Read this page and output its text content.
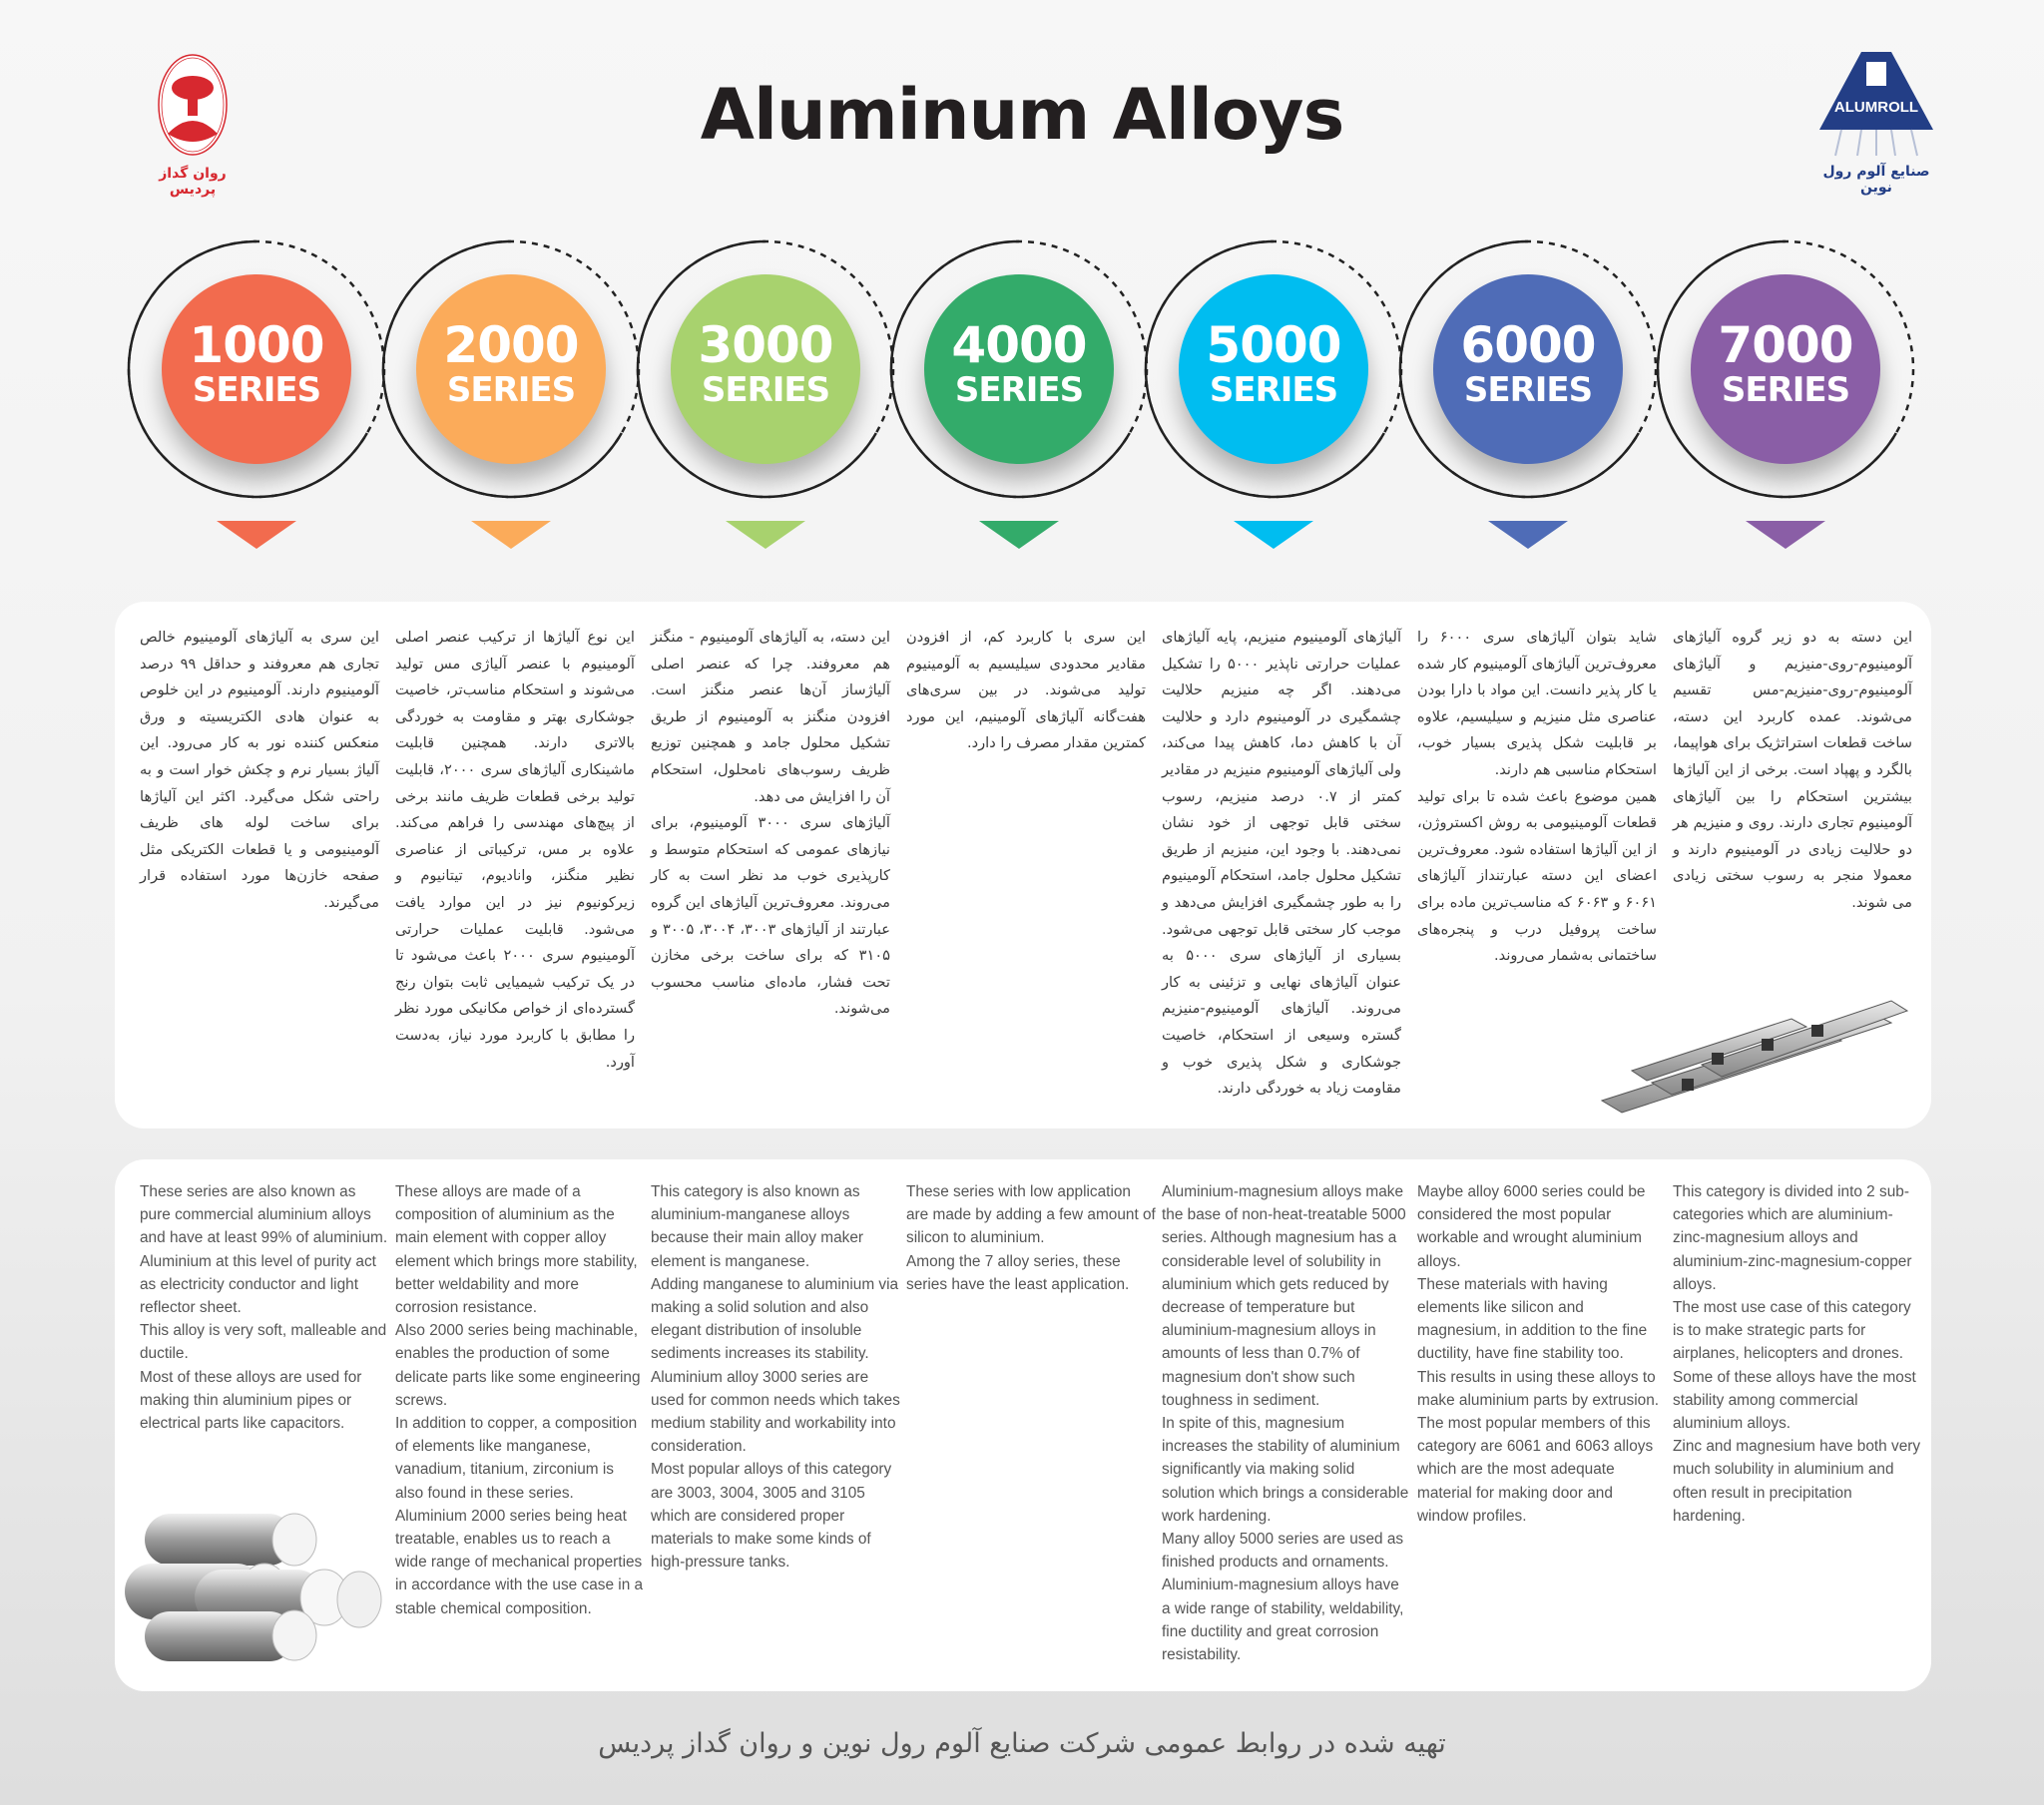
روان گداز پردیس
ALUMROLL
صنایع آلوم رول نوین
Aluminum Alloys
1000
SERIES
2000
SERIES
3000
SERIES
4000
SERIES
5000
SERIES
6000
SERIES
7000
SERIES

این سری به آلیاژهای آلومینیوم خالص تجاری هم معروفند و حداقل ۹۹ درصد آلومینیوم دارند. آلومینیوم در این خلوص به عنوان هادی الکتریسیته و ورق منعکس کننده نور به کار می‌رود. این آلیاژ بسیار نرم و چکش خوار است و به راحتی شکل می‌گیرد. اکثر این آلیاژها برای ساخت لوله های ظریف آلومینیومی و یا قطعات الکتریکی مثل صفحه خازن‌ها مورد استفاده قرار می‌گیرند.

این نوع آلیاژها از ترکیب عنصر اصلی آلومینیوم با عنصر آلیاژی مس تولید می‌شوند و استحکام مناسب‌تر، خاصیت جوشکاری بهتر و مقاومت به خوردگی بالاتری دارند. همچنین قابلیت ماشینکاری آلیاژهای سری ۲۰۰۰، قابلیت تولید برخی قطعات ظریف مانند برخی از پیچ‌های مهندسی را فراهم می‌کند. علاوه بر مس، ترکیباتی از عناصری نظیر منگنز، وانادیوم، تیتانیوم و زیرکونیوم نیز در این موارد یافت می‌شود. قابلیت عملیات حرارتی آلومینیوم سری ۲۰۰۰ باعث می‌شود تا در یک ترکیب شیمیایی ثابت بتوان رنج گسترده‌ای از خواص مکانیکی مورد نظر را مطابق با کاربرد مورد نیاز، به‌دست آورد.

این دسته، به آلیاژهای آلومینیوم - منگنز هم معروفند. چرا که عنصر اصلی آلیاژساز آن‌ها عنصر منگنز است. افزودن منگنز به آلومینیوم از طریق تشکیل محلول جامد و همچنین توزیع ظریف رسوب‌های نامحلول، استحکام آن را افزایش می دهد.

آلیاژهای سری ۳۰۰۰ آلومینیوم، برای نیازهای عمومی که استحکام متوسط و کارپذیری خوب مد نظر است به کار می‌روند. معروف‌ترین آلیاژهای این گروه عبارتند از آلیاژهای ۳۰۰۳، ۳۰۰۴، ۳۰۰۵ و ۳۱۰۵ که برای ساخت برخی مخازن تحت فشار، ماده‌ای مناسب محسوب می‌شوند.

این سری با کاربرد کم، از افزودن مقادیر محدودی سیلیسیم به آلومینیوم تولید می‌شوند. در بین سری‌های هفت‌گانه آلیاژهای آلومینیم، این مورد کمترین مقدار مصرف را دارد.

آلیاژهای آلومینیوم منیزیم، پایه آلیاژهای عملیات حرارتی ناپذیر ۵۰۰۰ را تشکیل می‌دهند. اگر چه منیزیم حلالیت چشمگیری در آلومینیوم دارد و حلالیت آن با کاهش دما، کاهش پیدا می‌کند، ولی آلیاژهای آلومینیوم منیزیم در مقادیر کمتر از ۰.۷ درصد منیزیم، رسوب سختی قابل توجهی از خود نشان نمی‌دهند. با وجود این، منیزیم از طریق تشکیل محلول جامد، استحکام آلومینیوم را به طور چشمگیری افزایش می‌دهد و موجب کار سختی قابل توجهی می‌شود. بسیاری از آلیاژهای سری ۵۰۰۰ به عنوان آلیاژهای نهایی و تزئینی به کار می‌روند. آلیاژهای آلومینیوم-منیزیم گستره وسیعی از استحکام، خاصیت جوشکاری و شکل پذیری خوب و مقاومت زیاد به خوردگی دارند.

شاید بتوان آلیاژهای سری ۶۰۰۰ را معروف‌ترین آلیاژهای آلومینیوم کار شده یا کار پذیر دانست. این مواد با دارا بودن عناصری مثل منیزیم و سیلیسیم، علاوه بر قابلیت شکل پذیری بسیار خوب، استحکام مناسبی هم دارند.

همین موضوع باعث شده تا برای تولید قطعات آلومینیومی به روش اکستروژن، از این آلیاژها استفاده شود. معروف‌ترین اعضای این دسته عبارتنداز آلیاژهای ۶۰۶۱ و ۶۰۶۳ که مناسب‌ترین ماده برای ساخت پروفیل درب و پنجره‌های ساختمانی به‌شمار می‌روند.

این دسته به دو زیر گروه آلیاژهای آلومینیوم-روی-منیزیم و آلیاژهای آلومینیوم-روی-منیزیم-مس تقسیم می‌شوند. عمده کاربرد این دسته، ساخت قطعات استراتژیک برای هواپیما، بالگرد و پهپاد است. برخی از این آلیاژها بیشترین استحکام را بین آلیاژهای آلومینیوم تجاری دارند. روی و منیزیم هر دو حلالیت زیادی در آلومینیوم دارند و معمولا منجر به رسوب سختی زیادی می شوند.

These series are also known as pure commercial aluminium alloys and have at least 99% of aluminium.

Aluminium at this level of purity act as electricity conductor and light reflector sheet.

This alloy is very soft, malleable and ductile.

Most of these alloys are used for making thin aluminium pipes or electrical parts like capacitors.

These alloys are made of a composition of aluminium as the main element with copper alloy element which brings more stability, better weldability and more corrosion resistance.

Also 2000 series being machinable, enables the production of some delicate parts like some engineering screws.

In addition to copper, a composition of elements like manganese, vanadium, titanium, zirconium is also found in these series.

Aluminium 2000 series being heat treatable, enables us to reach a wide range of mechanical properties in accordance with the use case in a stable chemical composition.

This category is also known as aluminium-manganese alloys because their main alloy maker element is manganese.

Adding manganese to aluminium via making a solid solution and also elegant distribution of insoluble sediments increases its stability.

Aluminium alloy 3000 series are used for common needs which takes medium stability and workability into consideration.

Most popular alloys of this category are 3003, 3004, 3005 and 3105 which are considered proper materials to make some kinds of high-pressure tanks.

These series with low application are made by adding a few amount of silicon to aluminium.

Among the 7 alloy series, these series have the least application.

Aluminium-magnesium alloys make the base of non-heat-treatable 5000 series. Although magnesium has a considerable level of solubility in aluminium which gets reduced by decrease of temperature but aluminium-magnesium alloys in amounts of less than 0.7% of magnesium don't show such toughness in sediment.

In spite of this, magnesium increases the stability of aluminium significantly via making solid solution which brings a considerable work hardening.

Many alloy 5000 series are used as finished products and ornaments.

Aluminium-magnesium alloys have a wide range of stability, weldability, fine ductility and great corrosion resistability.

Maybe alloy 6000 series could be considered the most popular workable and wrought aluminium alloys.

These materials with having elements like silicon and magnesium, in addition to the fine ductility, have fine stability too.

This results in using these alloys to make aluminium parts by extrusion. The most popular members of this category are 6061 and 6063 alloys which are the most adequate material for making door and window profiles.

This category is divided into 2 sub-categories which are aluminium-zinc-magnesium alloys and aluminium-zinc-magnesium-copper alloys.

The most use case of this category is to make strategic parts for airplanes, helicopters and drones.

Some of these alloys have the most stability among commercial aluminium alloys.

Zinc and magnesium have both very much solubility in aluminium and often result in precipitation hardening.

تهیه شده در روابط عمومی شرکت صنایع آلوم رول نوین و روان گداز پردیس
